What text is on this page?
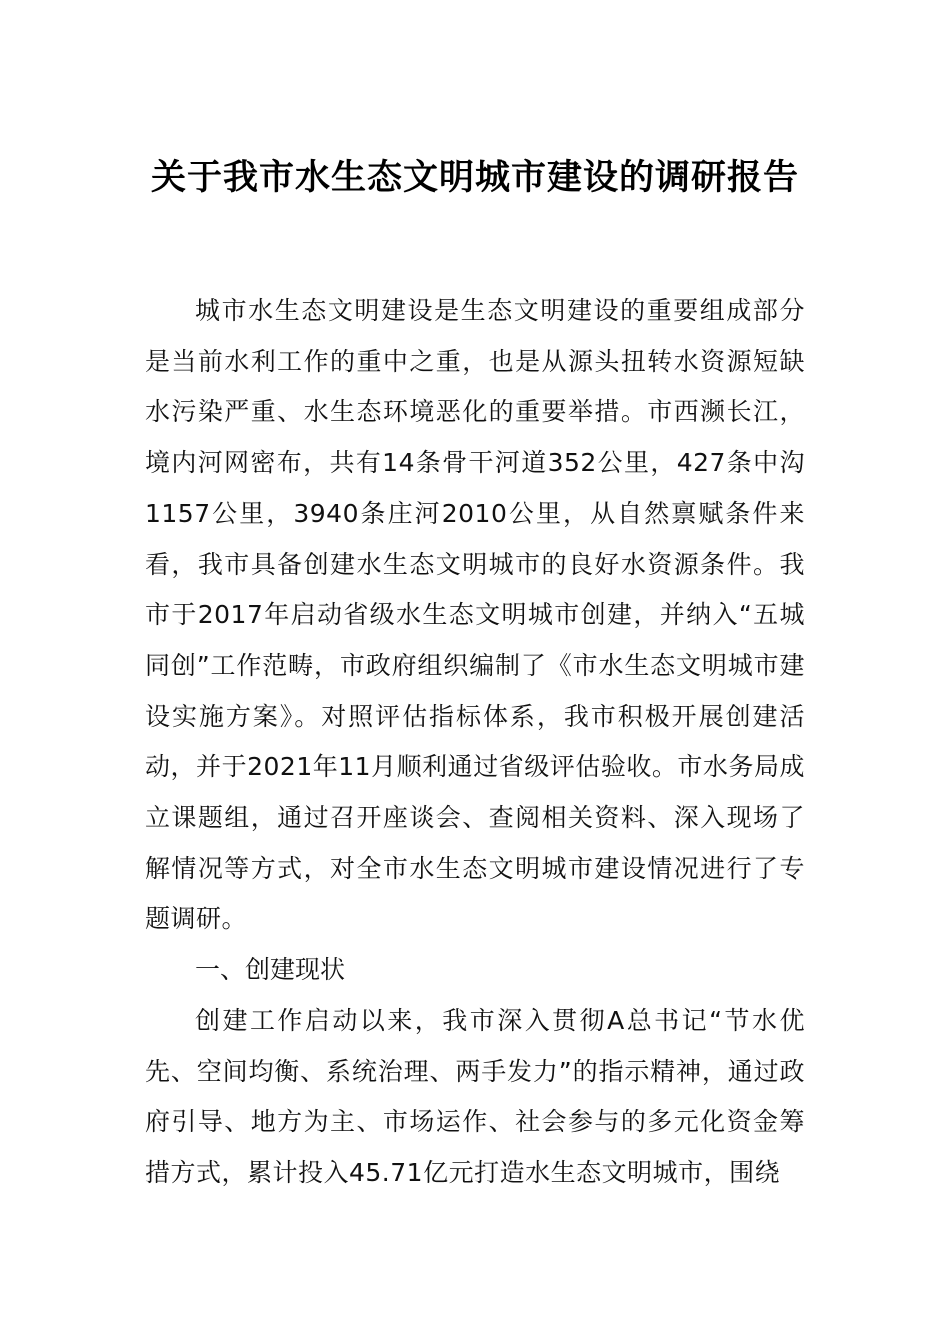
关于我市水生态文明城市建设的调研报告

城市水生态文明建设是生态文明建设的重要组成部分是当前水利工作的重中之重，也是从源头扭转水资源短缺水污染严重、水生态环境恶化的重要举措。市西濒长江，境内河网密布，共有14条骨干河道352公里，427条中沟1157公里，3940条庄河2010公里，从自然禀赋条件来看，我市具备创建水生态文明城市的良好水资源条件。我市于2017年启动省级水生态文明城市创建，并纳入“五城同创”工作范畴，市政府组织编制了《市水生态文明城市建设实施方案》。对照评估指标体系，我市积极开展创建活动，并于2021年11月顺利通过省级评估验收。市水务局成立课题组，通过召开座谈会、查阅相关资料、深入现场了解情况等方式，对全市水生态文明城市建设情况进行了专题调研。

一、创建现状

创建工作启动以来，我市深入贯彻A总书记“节水优先、空间均衡、系统治理、两手发力”的指示精神，通过政府引导、地方为主、市场运作、社会参与的多元化资金筹措方式，累计投入45.71亿元打造水生态文明城市，围绕
